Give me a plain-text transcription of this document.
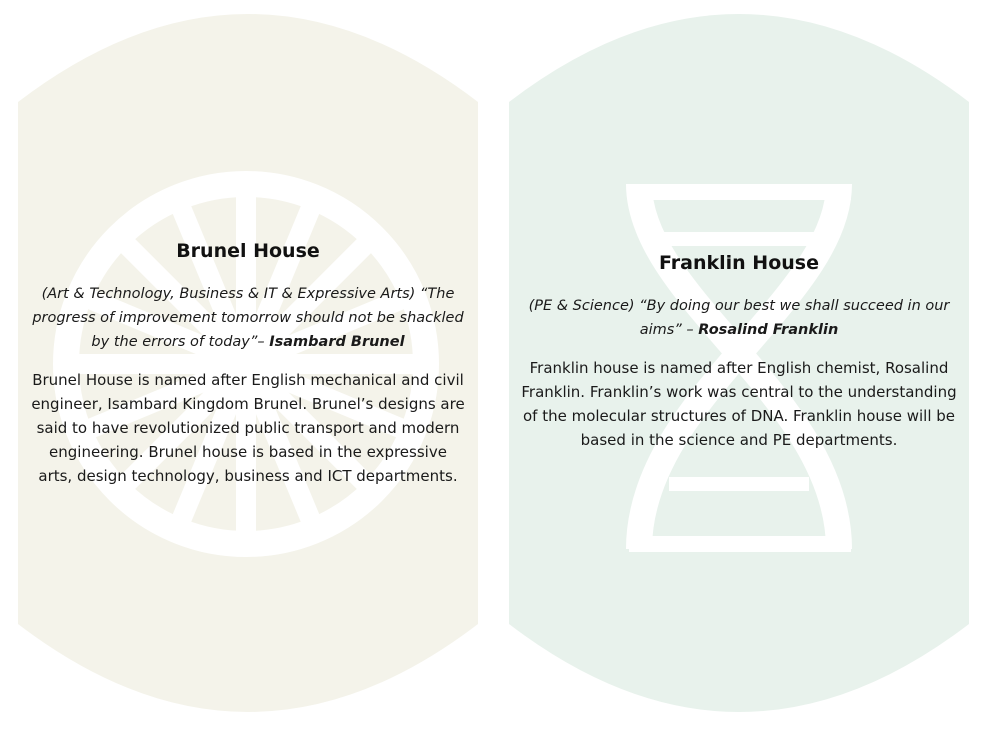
Brunel House

(Art & Technology, Business & IT & Expressive Arts) “The progress of improvement tomorrow should not be shackled by the errors of today”– Isambard Brunel

Brunel House is named after English mechanical and civil engineer, Isambard Kingdom Brunel. Brunel’s designs are said to have revolutionized public transport and modern engineering. Brunel house is based in the expressive arts, design technology, business and ICT departments.

Franklin House

(PE & Science) “By doing our best we shall succeed in our aims” – Rosalind Franklin

Franklin house is named after English chemist, Rosalind Franklin. Franklin’s work was central to the understanding of the molecular structures of DNA. Franklin house will be based in the science and PE departments.
